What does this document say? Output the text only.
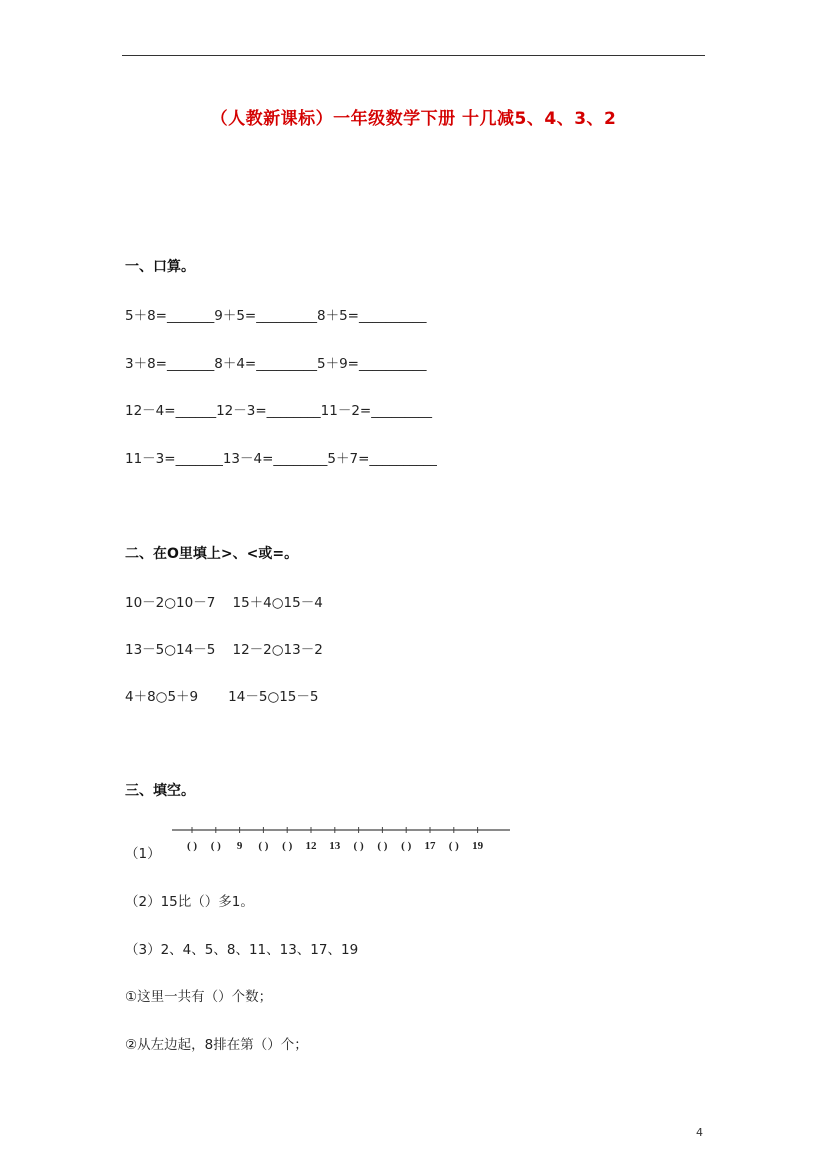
（人教新课标）一年级数学下册 十几减5、4、3、2
一、口算。
5＋8=_______9＋5=_________8＋5=__________
3＋8=_______8＋4=_________5＋9=__________
12－4=______12－3=________11－2=_________
11－3=_______13－4=________5＋7=__________
二、在O里填上>、<或=。
10－2○10－7    15＋4○15－4
13－5○14－5    12－2○13－2
4＋8○5＋9       14－5○15－5
三、填空。
（1） ( ) ( ) 9 ( ) ( ) 12 13 ( ) ( ) ( ) 17 ( ) 19
（2）15比（）多1。
（3）2、4、5、8、11、13、17、19
①这里一共有（）个数；
②从左边起，8排在第（）个；
4
